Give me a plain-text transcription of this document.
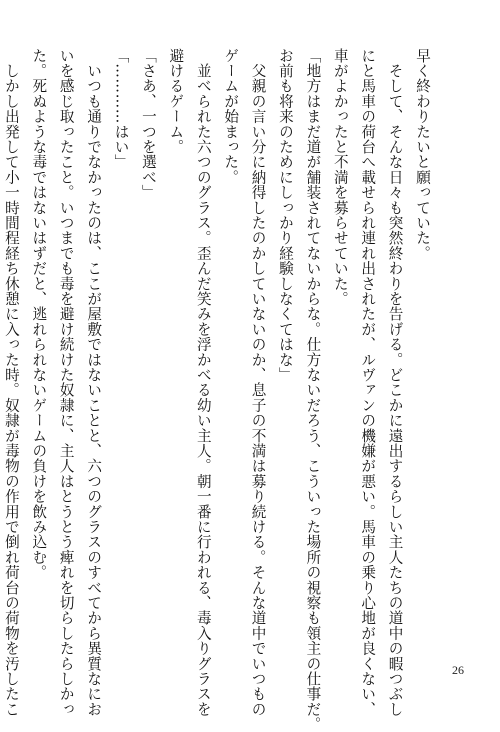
早く終わりたいと願っていた。
　そして、そんな日々も突然終わりを告げる。どこかに遠出するらしい主人たちの道中の暇つぶし
にと馬車の荷台へ載せられ連れ出されたが、ルヴァンの機嫌が悪い。馬車の乗り心地が良くない、
車がよかったと不満を募らせていた。
「地方はまだ道が舗装されてないからな。仕方ないだろう、こういった場所の視察も領主の仕事だ。
お前も将来のためにしっかり経験しなくてはな」
　父親の言い分に納得したのかしていないのか、息子の不満は募り続ける。そんな道中でいつもの
ゲームが始まった。
　並べられた六つのグラス。歪んだ笑みを浮かべる幼い主人。朝一番に行われる、毒入りグラスを
避けるゲーム。
「さあ、一つを選べ」
「…………はい」
　いつも通りでなかったのは、ここが屋敷ではないことと、六つのグラスのすべてから異質なにお
いを感じ取ったこと。いつまでも毒を避け続けた奴隷に、主人はとうとう痺れを切らしたらしかっ
た。死ぬような毒ではないはずだと、逃れられないゲームの負けを飲み込む。
　しかし出発して小一時間程経ち休憩に入った時。奴隷が毒物の作用で倒れ荷台の荷物を汚したこ	26
